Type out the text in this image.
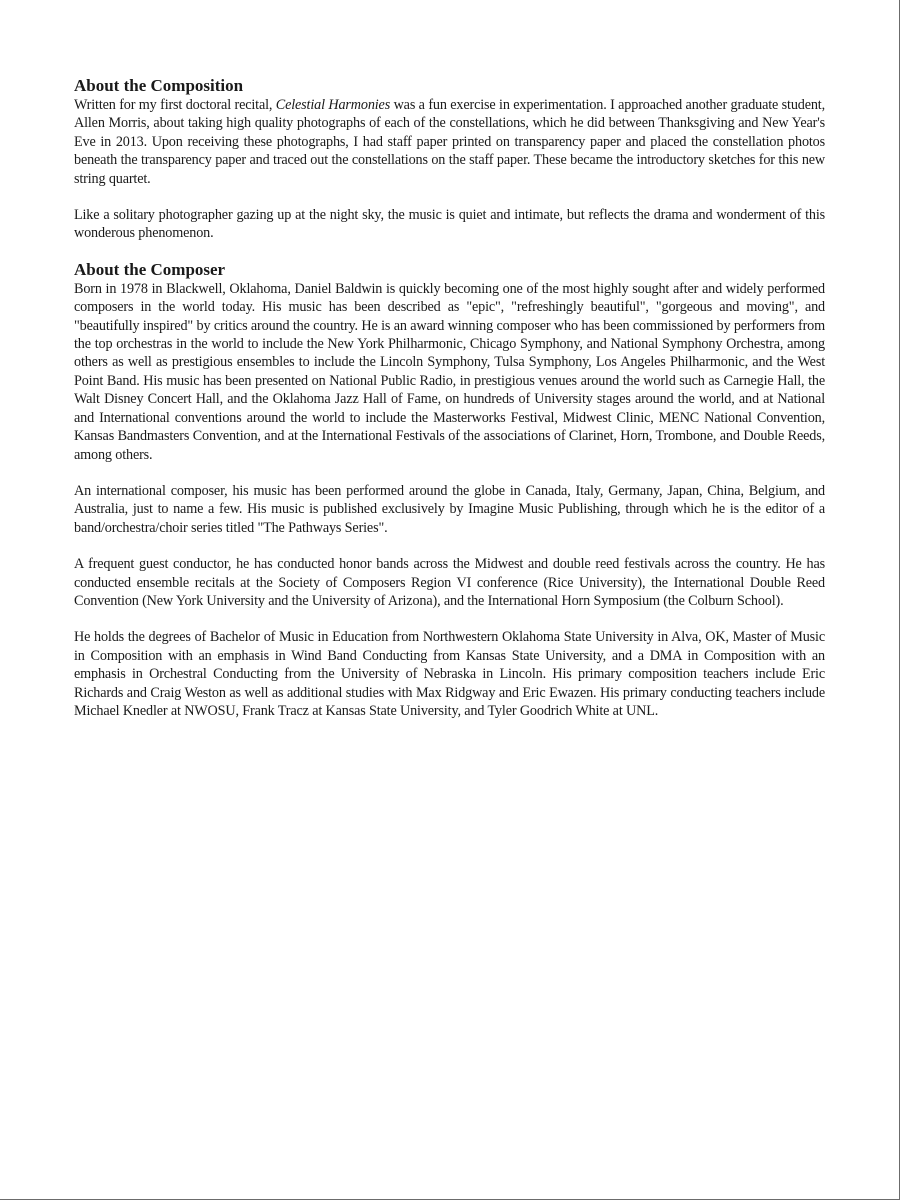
About the Composition

Written for my first doctoral recital, Celestial Harmonies was a fun exercise in experimentation. I approached another graduate student, Allen Morris, about taking high quality photographs of each of the constellations, which he did between Thanksgiving and New Year's Eve in 2013. Upon receiving these photographs, I had staff paper printed on transparency paper and placed the constellation photos beneath the transparency paper and traced out the constellations on the staff paper. These became the introductory sketches for this new string quartet.

Like a solitary photographer gazing up at the night sky, the music is quiet and intimate, but reflects the drama and wonderment of this wonderous phenomenon.

About the Composer

Born in 1978 in Blackwell, Oklahoma, Daniel Baldwin is quickly becoming one of the most highly sought after and widely performed composers in the world today. His music has been described as "epic", "refreshingly beautiful", "gorgeous and moving", and "beautifully inspired" by critics around the country. He is an award winning composer who has been commissioned by performers from the top orchestras in the world to include the New York Philharmonic, Chicago Symphony, and National Symphony Orchestra, among others as well as prestigious ensembles to include the Lincoln Symphony, Tulsa Symphony, Los Angeles Philharmonic, and the West Point Band. His music has been presented on National Public Radio, in prestigious venues around the world such as Carnegie Hall, the Walt Disney Concert Hall, and the Oklahoma Jazz Hall of Fame, on hundreds of University stages around the world, and at National and International conventions around the world to include the Masterworks Festival, Midwest Clinic, MENC National Convention, Kansas Bandmasters Convention, and at the International Festivals of the associations of Clarinet, Horn, Trombone, and Double Reeds, among others.

An international composer, his music has been performed around the globe in Canada, Italy, Germany, Japan, China, Belgium, and Australia, just to name a few. His music is published exclusively by Imagine Music Publishing, through which he is the editor of a band/orchestra/choir series titled "The Pathways Series".

A frequent guest conductor, he has conducted honor bands across the Midwest and double reed festivals across the country. He has conducted ensemble recitals at the Society of Composers Region VI conference (Rice University), the International Double Reed Convention (New York University and the University of Arizona), and the International Horn Symposium (the Colburn School).

He holds the degrees of Bachelor of Music in Education from Northwestern Oklahoma State University in Alva, OK, Master of Music in Composition with an emphasis in Wind Band Conducting from Kansas State University, and a DMA in Composition with an emphasis in Orchestral Conducting from the University of Nebraska in Lincoln. His primary composition teachers include Eric Richards and Craig Weston as well as additional studies with Max Ridgway and Eric Ewazen. His primary conducting teachers include Michael Knedler at NWOSU, Frank Tracz at Kansas State University, and Tyler Goodrich White at UNL.
